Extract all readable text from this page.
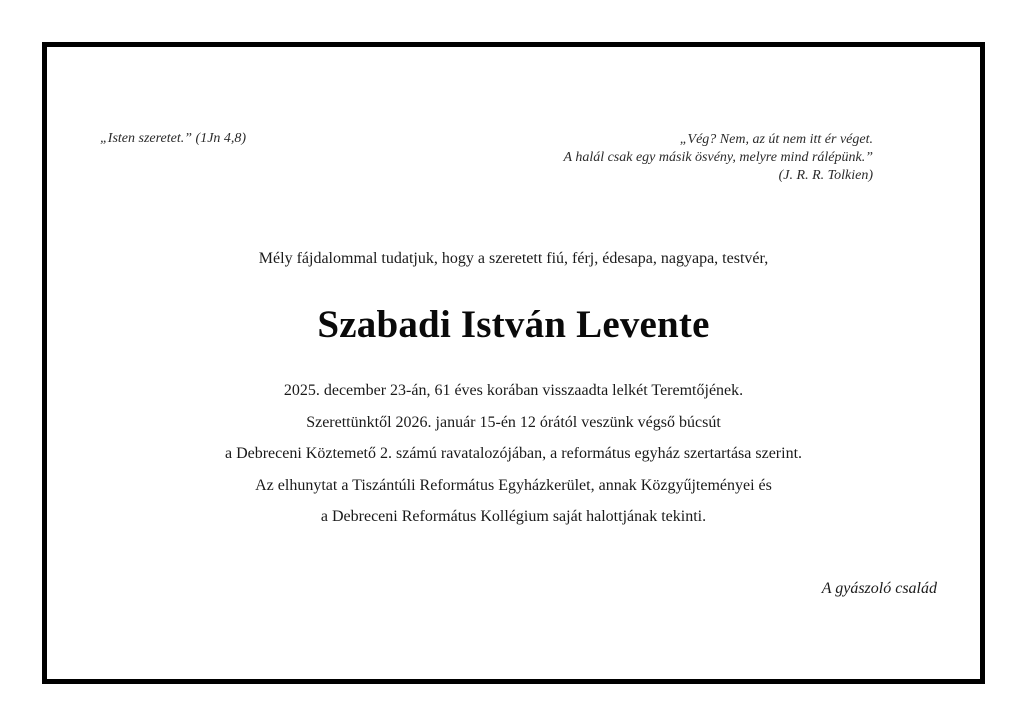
„Isten szeretet.” (1Jn 4,8)	„Vég? Nem, az út nem itt ér véget.
A halál csak egy másik ösvény, melyre mind rálépünk.”
(J. R. R. Tolkien)
Mély fájdalommal tudatjuk, hogy a szeretett fiú, férj, édesapa, nagyapa, testvér,
Szabadi István Levente
2025. december 23-án, 61 éves korában visszaadta lelkét Teremtőjének.
Szerettünktől 2026. január 15-én 12 órától veszünk végső búcsút
a Debreceni Köztemető 2. számú ravatalozójában, a református egyház szertartása szerint.
Az elhunytat a Tiszántúli Református Egyházkerület, annak Közgyűjteményei és
a Debreceni Református Kollégium saját halottjának tekinti.
A gyászoló család
